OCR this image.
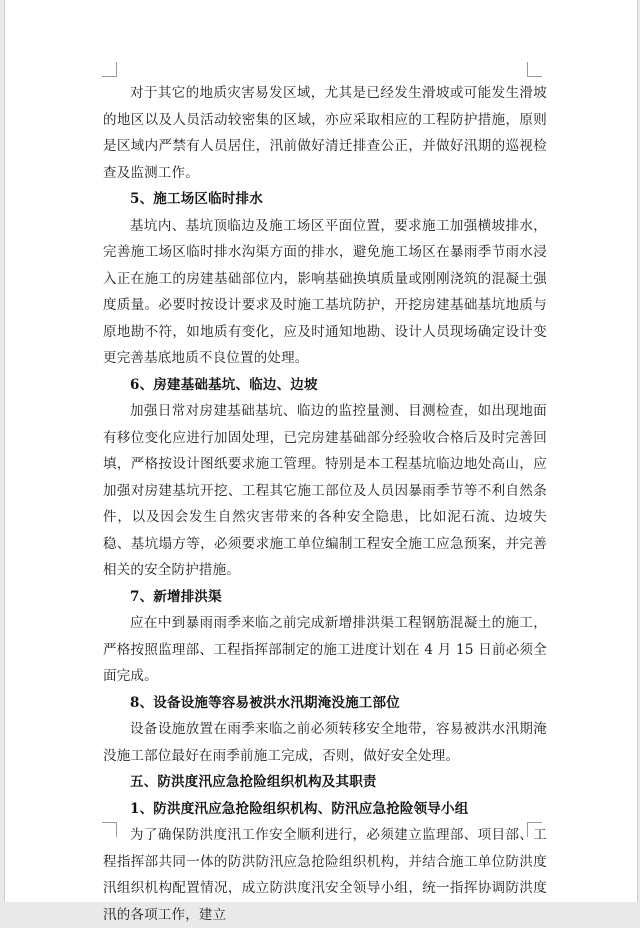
对于其它的地质灾害易发区域，尤其是已经发生滑坡或可能发生滑坡的地区以及人员活动较密集的区域，亦应采取相应的工程防护措施，原则是区域内严禁有人员居住，汛前做好清迁排查公正，并做好汛期的巡视检查及监测工作。

5、施工场区临时排水

基坑内、基坑顶临边及施工场区平面位置，要求施工加强横坡排水，完善施工场区临时排水沟渠方面的排水，避免施工场区在暴雨季节雨水浸入正在施工的房建基础部位内，影响基础换填质量或刚刚浇筑的混凝土强度质量。必要时按设计要求及时施工基坑防护，开挖房建基础基坑地质与原地勘不符，如地质有变化，应及时通知地勘、设计人员现场确定设计变更完善基底地质不良位置的处理。

6、房建基础基坑、临边、边坡

加强日常对房建基础基坑、临边的监控量测、目测检查，如出现地面有移位变化应进行加固处理，已完房建基础部分经验收合格后及时完善回填，严格按设计图纸要求施工管理。特别是本工程基坑临边地处高山，应加强对房建基坑开挖、工程其它施工部位及人员因暴雨季节等不利自然条件，以及因会发生自然灾害带来的各种安全隐患，比如泥石流、边坡失稳、基坑塌方等，必须要求施工单位编制工程安全施工应急预案，并完善相关的安全防护措施。

7、新增排洪渠

应在中到暴雨雨季来临之前完成新增排洪渠工程钢筋混凝土的施工，严格按照监理部、工程指挥部制定的施工进度计划在 4 月 15 日前必须全面完成。

8、设备设施等容易被洪水汛期淹没施工部位

设备设施放置在雨季来临之前必须转移安全地带，容易被洪水汛期淹没施工部位最好在雨季前施工完成，否则，做好安全处理。

五、防洪度汛应急抢险组织机构及其职责
1、防洪度汛应急抢险组织机构、防汛应急抢险领导小组

为了确保防洪度汛工作安全顺利进行，必须建立监理部、项目部、工程指挥部共同一体的防洪防汛应急抢险组织机构，并结合施工单位防洪度汛组织机构配置情况，成立防洪度汛安全领导小组，统一指挥协调防洪度汛的各项工作，建立
